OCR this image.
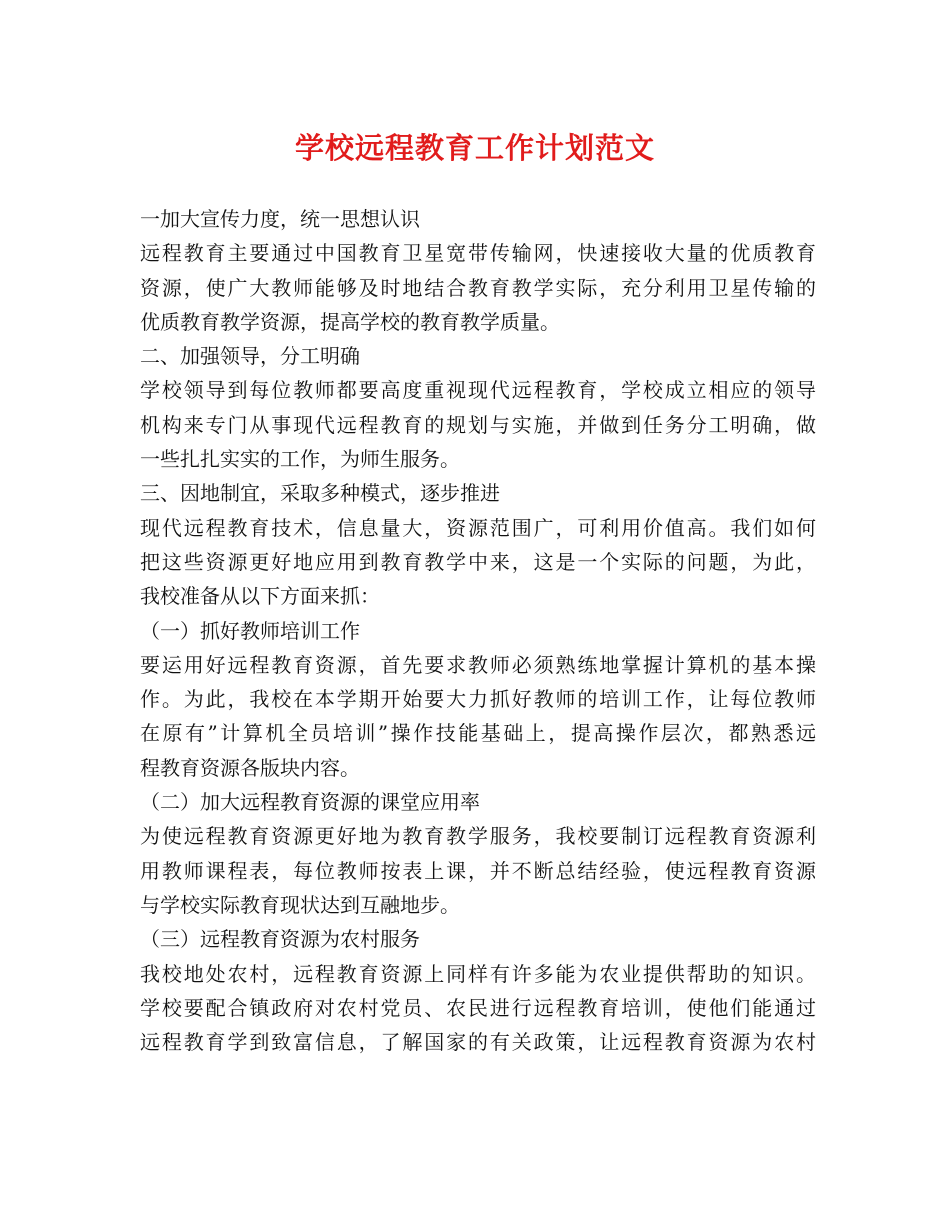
学校远程教育工作计划范文
一加大宣传力度，统一思想认识
远程教育主要通过中国教育卫星宽带传输网，快速接收大量的优质教育
资源，使广大教师能够及时地结合教育教学实际，充分利用卫星传输的
优质教育教学资源，提高学校的教育教学质量。
二、加强领导，分工明确
学校领导到每位教师都要高度重视现代远程教育，学校成立相应的领导
机构来专门从事现代远程教育的规划与实施，并做到任务分工明确，做
一些扎扎实实的工作，为师生服务。
三、因地制宜，采取多种模式，逐步推进
现代远程教育技术，信息量大，资源范围广，可利用价值高。我们如何
把这些资源更好地应用到教育教学中来，这是一个实际的问题，为此，
我校准备从以下方面来抓：
（一）抓好教师培训工作
要运用好远程教育资源，首先要求教师必须熟练地掌握计算机的基本操
作。为此，我校在本学期开始要大力抓好教师的培训工作，让每位教师
在原有”计算机全员培训”操作技能基础上，提高操作层次，都熟悉远
程教育资源各版块内容。
（二）加大远程教育资源的课堂应用率
为使远程教育资源更好地为教育教学服务，我校要制订远程教育资源利
用教师课程表，每位教师按表上课，并不断总结经验，使远程教育资源
与学校实际教育现状达到互融地步。
（三）远程教育资源为农村服务
我校地处农村，远程教育资源上同样有许多能为农业提供帮助的知识。
学校要配合镇政府对农村党员、农民进行远程教育培训，使他们能通过
远程教育学到致富信息，了解国家的有关政策，让远程教育资源为农村
